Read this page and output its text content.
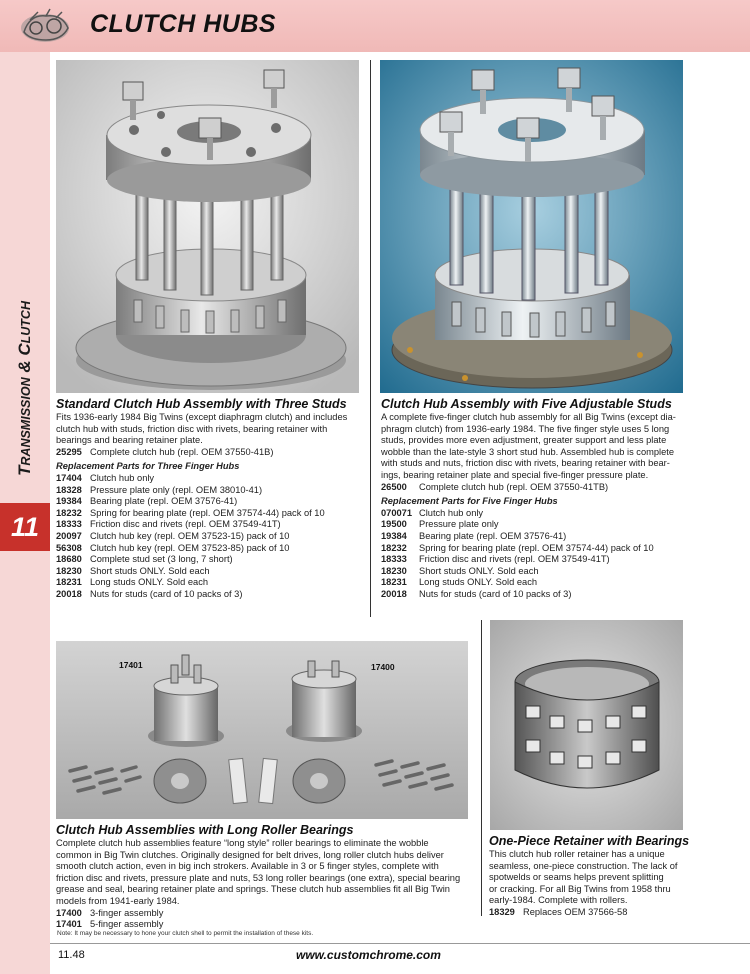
CLUTCH HUBS
TRANSMISSION & CLUTCH
11
Standard Clutch Hub Assembly with Three Studs

Fits 1936-early 1984 Big Twins (except diaphragm clutch) and includes
clutch hub with studs, friction disc with rivets, bearing retainer with
bearings and bearing retainer plate.

25295 Complete clutch hub (repl. OEM 37550-41B)
Replacement Parts for Three Finger Hubs
17404 Clutch hub only
18328 Pressure plate only (repl. OEM 38010-41)
19384 Bearing plate (repl. OEM 37576-41)
18232 Spring for bearing plate (repl. OEM 37574-44) pack of 10
18333 Friction disc and rivets (repl. OEM 37549-41T)
20097 Clutch hub key (repl. OEM 37523-15) pack of 10
56308 Clutch hub key (repl. OEM 37523-85) pack of 10
18680 Complete stud set (3 long, 7 short)
18230 Short studs ONLY. Sold each
18231 Long studs ONLY. Sold each
20018 Nuts for studs (card of 10 packs of 3)
Clutch Hub Assembly with Five Adjustable Studs

A complete five-finger clutch hub assembly for all Big Twins (except dia-
phragm clutch) from 1936-early 1984. The five finger style uses 5 long
studs, provides more even adjustment, greater support and less plate
wobble than the late-style 3 short stud hub. Assembled hub is complete
with studs and nuts, friction disc with rivets, bearing retainer with bear-
ings, bearing retainer plate and special five-finger pressure plate.

26500 Complete clutch hub (repl. OEM 37550-41TB)
Replacement Parts for Five Finger Hubs
070071 Clutch hub only
19500 Pressure plate only
19384 Bearing plate (repl. OEM 37576-41)
18232 Spring for bearing plate (repl. OEM 37574-44) pack of 10
18333 Friction disc and rivets (repl. OEM 37549-41T)
18230 Short studs ONLY. Sold each
18231 Long studs ONLY. Sold each
20018 Nuts for studs (card of 10 packs of 3)
17401	17400
Clutch Hub Assemblies with Long Roller Bearings

Complete clutch hub assemblies feature “long style” roller bearings to eliminate the wobble
common in Big Twin clutches. Originally designed for belt drives, long roller clutch hubs deliver
smooth clutch action, even in big inch strokers. Available in 3 or 5 finger styles, complete with
friction disc and rivets, pressure plate and nuts, 53 long roller bearings (one extra), special bearing
grease and seal, bearing retainer plate and springs. These clutch hub assemblies fit all Big Twin
models from 1941-early 1984.

17400 3-finger assembly
17401 5-finger assembly
One-Piece Retainer with Bearings

This clutch hub roller retainer has a unique
seamless, one-piece construction. The lack of
spotwelds or seams helps prevent splitting
or cracking. For all Big Twins from 1958 thru
early-1984. Complete with rollers.

18329 Replaces OEM 37566-58
Note: It may be necessary to hone your clutch shell to permit the installation of these kits.
11.48	www.customchrome.com
